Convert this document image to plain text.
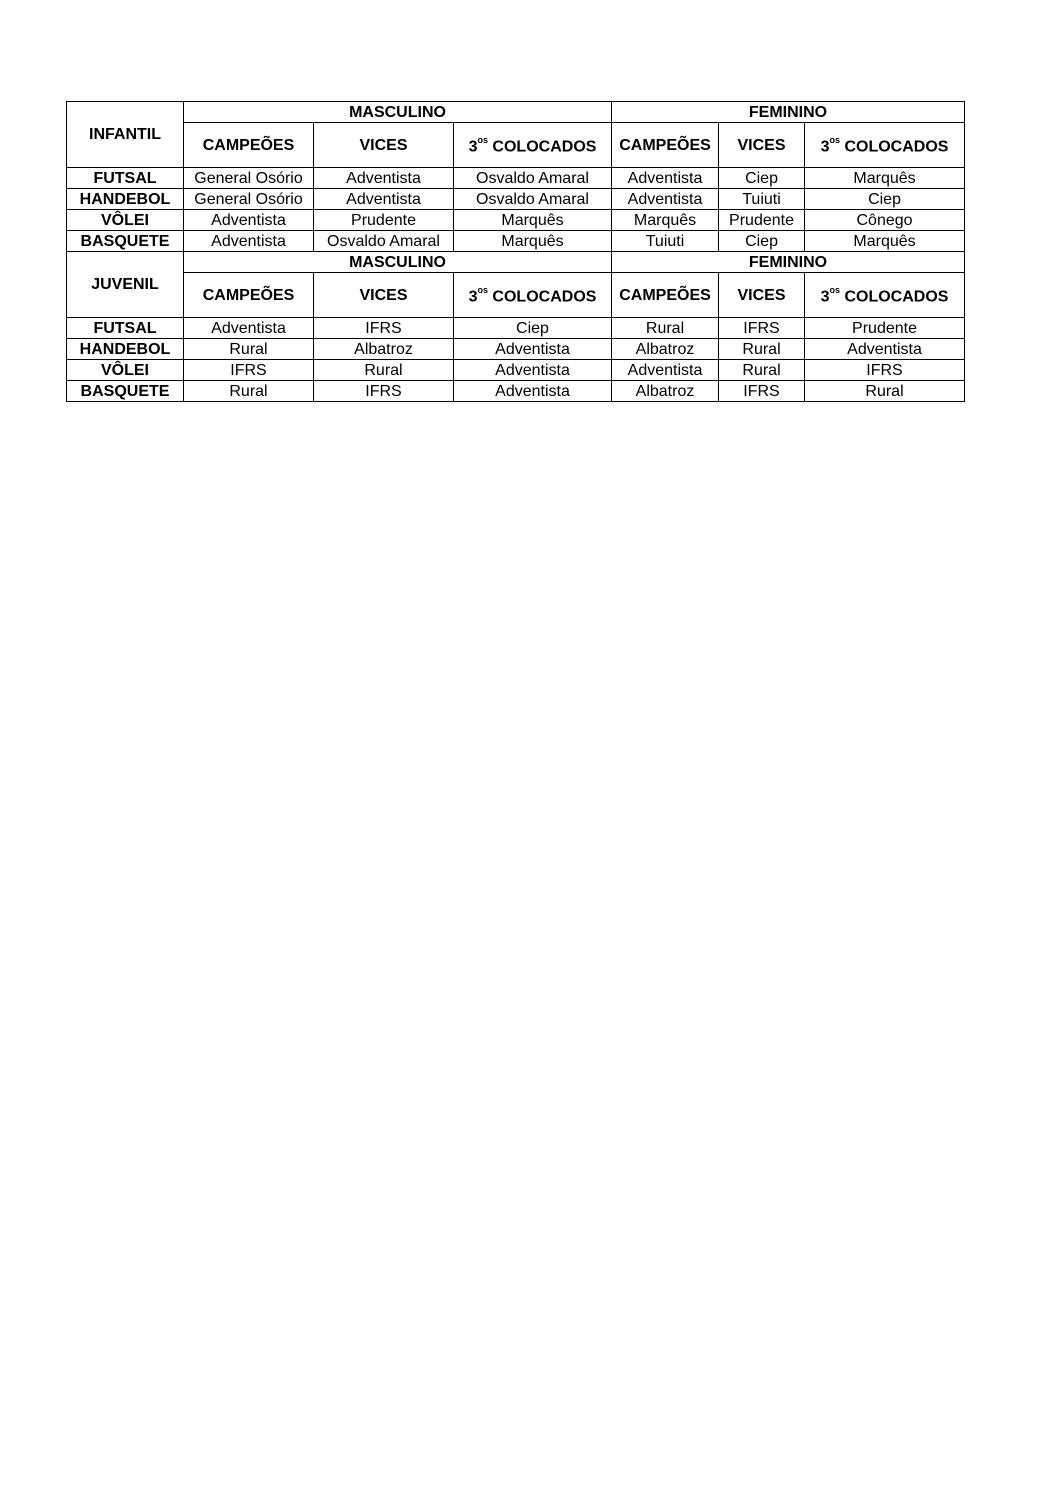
INFANTIL	MASCULINO			FEMININO		
	CAMPEÕES	VICES	$3^{os}$ COLOCADOS	CAMPEÕES	VICES	$3^{os}$ COLOCADOS
FUTSAL	General Osório	Adventista	Osvaldo Amaral	Adventista	Ciep	Marquês
HANDEBOL	General Osório	Adventista	Osvaldo Amaral	Adventista	Tuiuti	Ciep
VÔLEI	Adventista	Prudente	Marquês	Marquês	Prudente	Cônego
BASQUETE	Adventista	Osvaldo Amaral	Marquês	Tuiuti	Ciep	Marquês

JUVENIL	MASCULINO			FEMININO		
	CAMPEÕES	VICES	$3^{os}$ COLOCADOS	CAMPEÕES	VICES	$3^{os}$ COLOCADOS
FUTSAL	Adventista	IFRS	Ciep	Rural	IFRS	Prudente
HANDEBOL	Rural	Albatroz	Adventista	Albatroz	Rural	Adventista
VÔLEI	IFRS	Rural	Adventista	Adventista	Rural	IFRS
BASQUETE	Rural	IFRS	Adventista	Albatroz	IFRS	Rural
